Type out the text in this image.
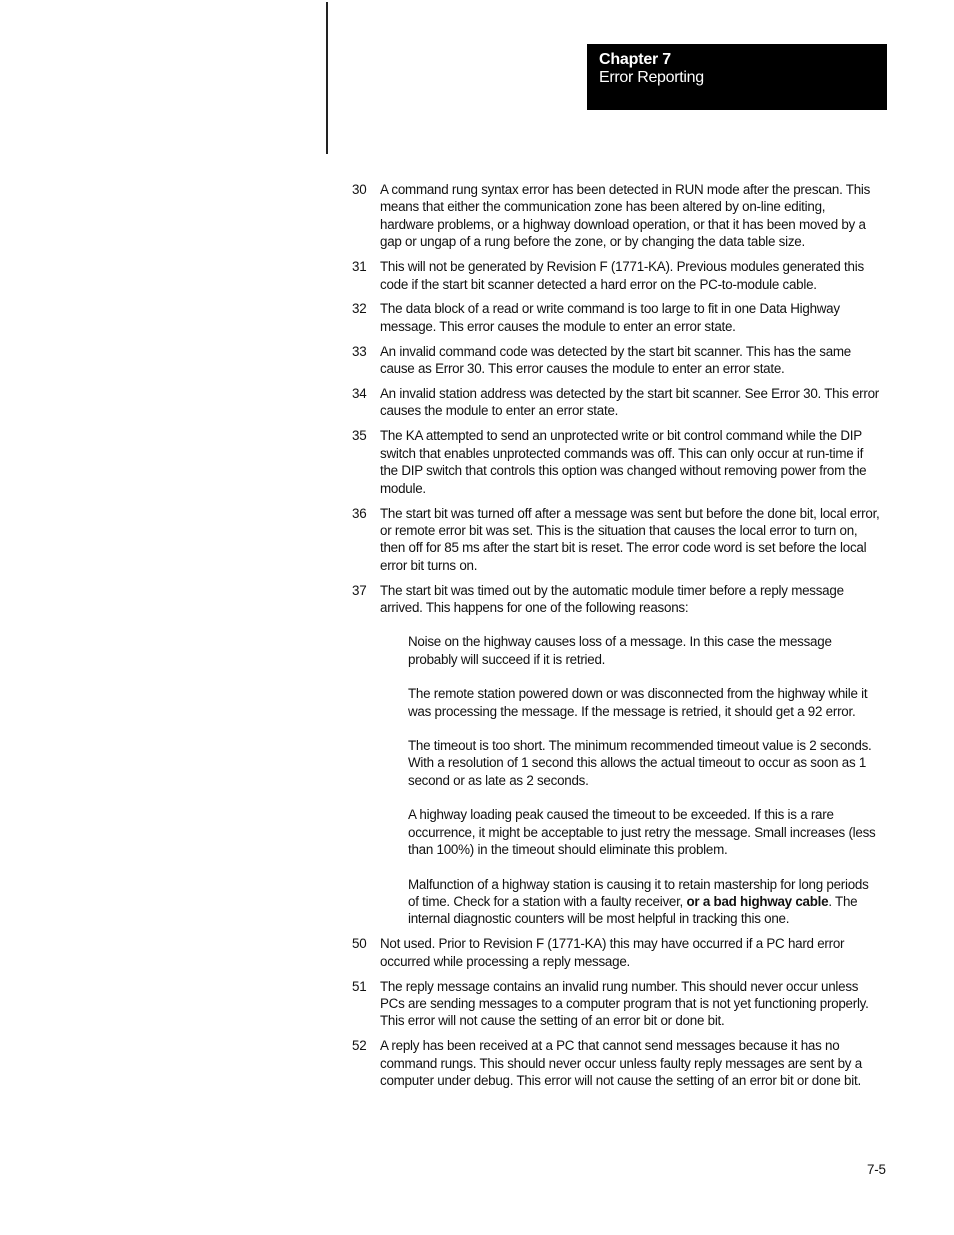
Chapter 7
Error Reporting
30	A command rung syntax error has been detected in RUN mode after the prescan. This means that either the communication zone has been altered by on-line editing, hardware problems, or a highway download operation, or that it has been moved by a gap or ungap of a rung before the zone, or by changing the data table size.
31	This will not be generated by Revision F (1771-KA). Previous modules generated this code if the start bit scanner detected a hard error on the PC-to-module cable.
32	The data block of a read or write command is too large to fit in one Data Highway message. This error causes the module to enter an error state.
33	An invalid command code was detected by the start bit scanner. This has the same cause as Error 30. This error causes the module to enter an error state.
34	An invalid station address was detected by the start bit scanner. See Error 30. This error causes the module to enter an error state.
35	The KA attempted to send an unprotected write or bit control command while the DIP switch that enables unprotected commands was off. This can only occur at run-time if the DIP switch that controls this option was changed without removing power from the module.
36	The start bit was turned off after a message was sent but before the done bit, local error, or remote error bit was set. This is the situation that causes the local error to turn on, then off for 85 ms after the start bit is reset. The error code word is set before the local error bit turns on.
37	The start bit was timed out by the automatic module timer before a reply message arrived. This happens for one of the following reasons:
Noise on the highway causes loss of a message. In this case the message probably will succeed if it is retried.
The remote station powered down or was disconnected from the highway while it was processing the message. If the message is retried, it should get a 92 error.
The timeout is too short. The minimum recommended timeout value is 2 seconds. With a resolution of 1 second this allows the actual timeout to occur as soon as 1 second or as late as 2 seconds.
A highway loading peak caused the timeout to be exceeded. If this is a rare occurrence, it might be acceptable to just retry the message. Small increases (less than 100%) in the timeout should eliminate this problem.
Malfunction of a highway station is causing it to retain mastership for long periods of time. Check for a station with a faulty receiver, or a bad highway cable. The internal diagnostic counters will be most helpful in tracking this one.
50	Not used. Prior to Revision F (1771-KA) this may have occurred if a PC hard error occurred while processing a reply message.
51	The reply message contains an invalid rung number. This should never occur unless PCs are sending messages to a computer program that is not yet functioning properly. This error will not cause the setting of an error bit or done bit.
52	A reply has been received at a PC that cannot send messages because it has no command rungs. This should never occur unless faulty reply messages are sent by a computer under debug. This error will not cause the setting of an error bit or done bit.
7-5
